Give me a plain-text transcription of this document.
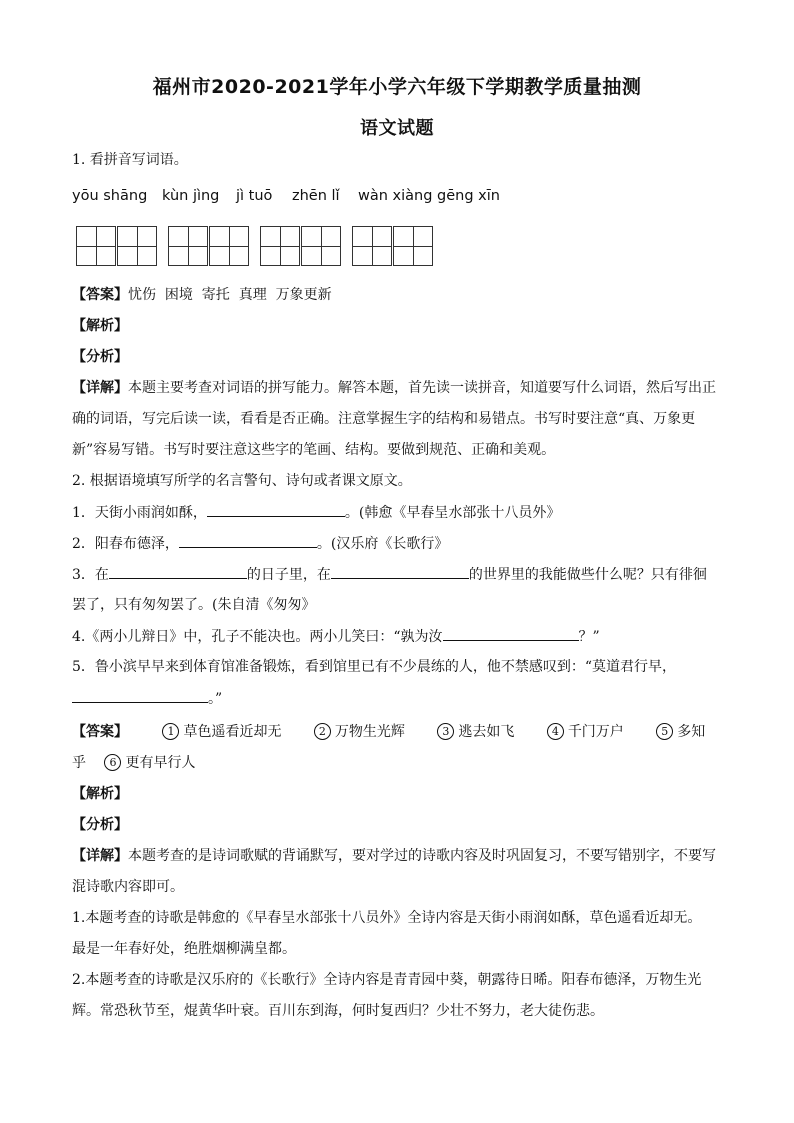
福州市2020-2021学年小学六年级下学期教学质量抽测
语文试题
1. 看拼音写词语。
yōu shāng kùn jìng jì tuō zhēn lǐ wàn xiàng gēng xīn
【答案】忧伤  困境  寄托  真理  万象更新
【解析】
【分析】
【详解】本题主要考查对词语的拼写能力。解答本题，首先读一读拼音，知道要写什么词语，然后写出正
确的词语，写完后读一读，看看是否正确。注意掌握生字的结构和易错点。书写时要注意“真、万象更
新”容易写错。书写时要注意这些字的笔画、结构。要做到规范、正确和美观。
2. 根据语境填写所学的名言警句、诗句或者课文原文。
1．天街小雨润如酥，	。(韩愈《早春呈水部张十八员外》
2．阳春布德泽，	。(汉乐府《长歌行》
3．在	的日子里，在	的世界里的我能做些什么呢？只有徘徊
罢了，只有匆匆罢了。(朱自清《匆匆》
4.《两小儿辩日》中，孔子不能决也。两小儿笑曰：“孰为汝	？”
5．鲁小滨早早来到体育馆准备锻炼，看到馆里已有不少晨练的人，他不禁感叹到：“莫道君行早，
。”
【答案】	1 草色遥看近却无	2 万物生光辉	3 逃去如飞	4 千门万户	5 多知
乎 6 更有早行人
【解析】
【分析】
【详解】本题考查的是诗词歌赋的背诵默写，要对学过的诗歌内容及时巩固复习，不要写错别字，不要写
混诗歌内容即可。
1.本题考查的诗歌是韩愈的《早春呈水部张十八员外》全诗内容是天街小雨润如酥，草色遥看近却无。
最是一年春好处，绝胜烟柳满皇都。
2.本题考查的诗歌是汉乐府的《长歌行》全诗内容是青青园中葵，朝露待日晞。阳春布德泽，万物生光
辉。常恐秋节至，焜黄华叶衰。百川东到海，何时复西归？少壮不努力，老大徒伤悲。
